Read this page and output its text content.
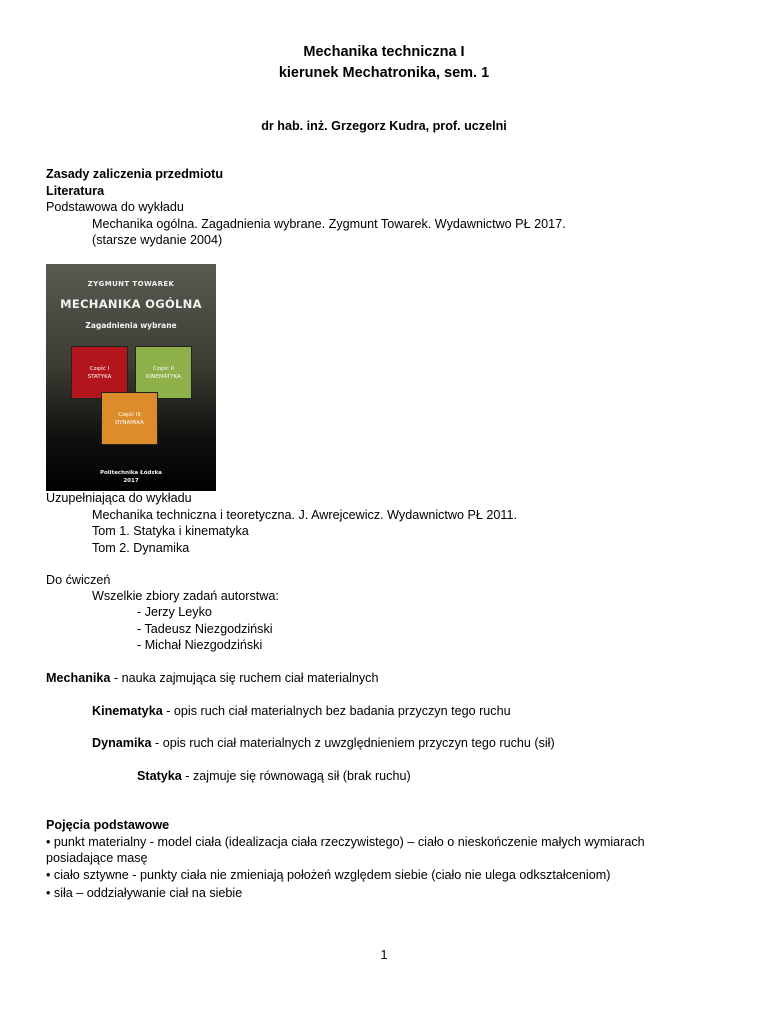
Mechanika techniczna I
kierunek Mechatronika, sem. 1
dr hab. inż. Grzegorz Kudra, prof. uczelni
Zasady zaliczenia przedmiotu
Literatura
Podstawowa do wykładu
Mechanika ogólna. Zagadnienia wybrane. Zygmunt Towarek. Wydawnictwo PŁ 2017.
(starsze wydanie 2004)
ZYGMUNT TOWAREK
MECHANIKA OGÓLNA
Zagadnienia wybrane
Część I
STATYKA
Część II
KINEMATYKA
Część III
DYNAMIKA
Politechnika Łódzka
2017
Uzupełniająca do wykładu
Mechanika techniczna i teoretyczna. J. Awrejcewicz. Wydawnictwo PŁ 2011.
Tom 1. Statyka i kinematyka
Tom 2. Dynamika
Do ćwiczeń
Wszelkie zbiory zadań autorstwa:
- Jerzy Leyko
- Tadeusz Niezgodziński
- Michał Niezgodziński
Mechanika - nauka zajmująca się ruchem ciał materialnych
Kinematyka - opis ruch ciał materialnych bez badania przyczyn tego ruchu
Dynamika - opis ruch ciał materialnych z uwzględnieniem przyczyn tego ruchu (sił)
Statyka - zajmuje się równowagą sił (brak ruchu)
Pojęcia podstawowe
• punkt materialny - model ciała (idealizacja ciała rzeczywistego) – ciało o nieskończenie małych wymiarach
posiadające masę
• ciało sztywne - punkty ciała nie zmieniają położeń względem siebie (ciało nie ulega odkształceniom)
• siła – oddziaływanie ciał na siebie
1
